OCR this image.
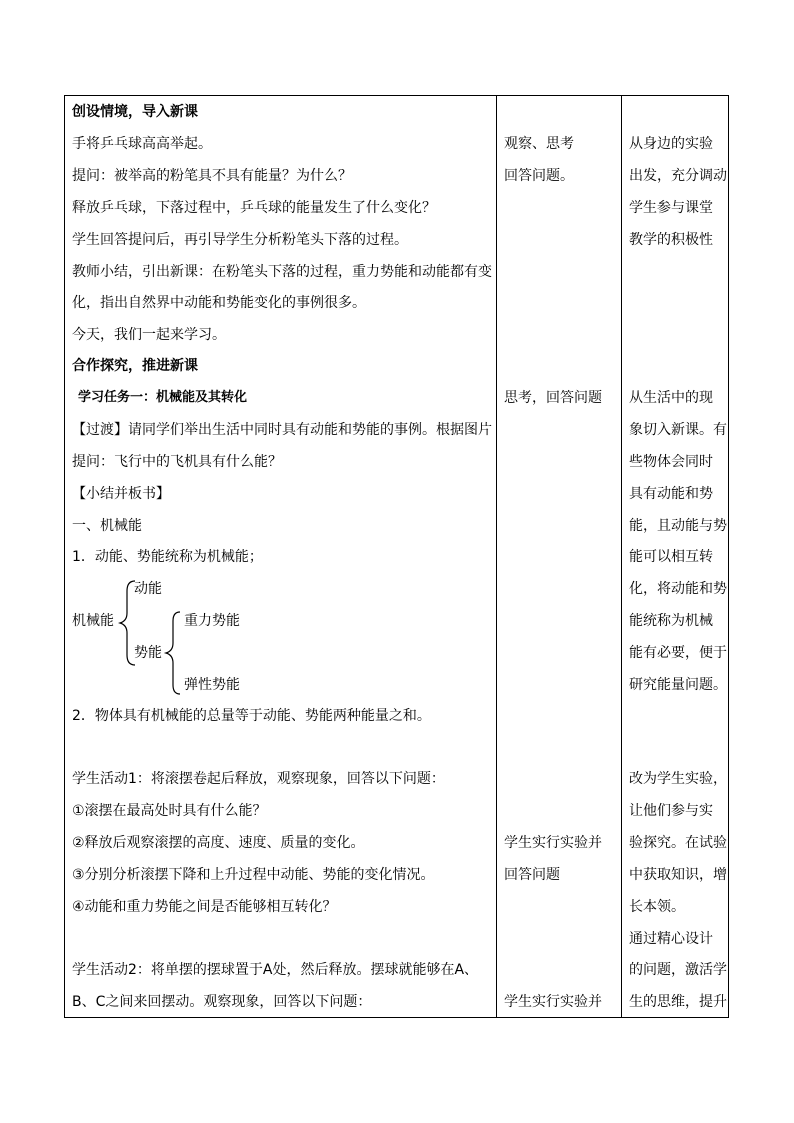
创设情境，导入新课
手将乒乓球高高举起。
提问：被举高的粉笔具不具有能量？为什么？
释放乒乓球，下落过程中，乒乓球的能量发生了什么变化？
学生回答提问后，再引导学生分析粉笔头下落的过程。
教师小结，引出新课：在粉笔头下落的过程，重力势能和动能都有变
化，指出自然界中动能和势能变化的事例很多。
今天，我们一起来学习。
合作探究，推进新课
学习任务一：机械能及其转化
【过渡】请同学们举出生活中同时具有动能和势能的事例。根据图片
提问：飞行中的飞机具有什么能？
【小结并板书】
一、机械能
1．动能、势能统称为机械能；
机械能
动能
势能
重力势能
弹性势能
2．物体具有机械能的总量等于动能、势能两种能量之和。
学生活动1：将滚摆卷起后释放，观察现象，回答以下问题：
①滚摆在最高处时具有什么能？
②释放后观察滚摆的高度、速度、质量的变化。
③分别分析滚摆下降和上升过程中动能、势能的变化情况。
④动能和重力势能之间是否能够相互转化？
学生活动2：将单摆的摆球置于A处，然后释放。摆球就能够在A、
B、C之间来回摆动。观察现象，回答以下问题：
观察、思考
回答问题。
思考，回答问题
学生实行实验并
回答问题
学生实行实验并
从身边的实验
出发，充分调动
学生参与课堂
教学的积极性
从生活中的现
象切入新课。有
些物体会同时
具有动能和势
能，且动能与势
能可以相互转
化，将动能和势
能统称为机械
能有必要，便于
研究能量问题。
改为学生实验，
让他们参与实
验探究。在试验
中获取知识，增
长本领。
通过精心设计
的问题，激活学
生的思维，提升
